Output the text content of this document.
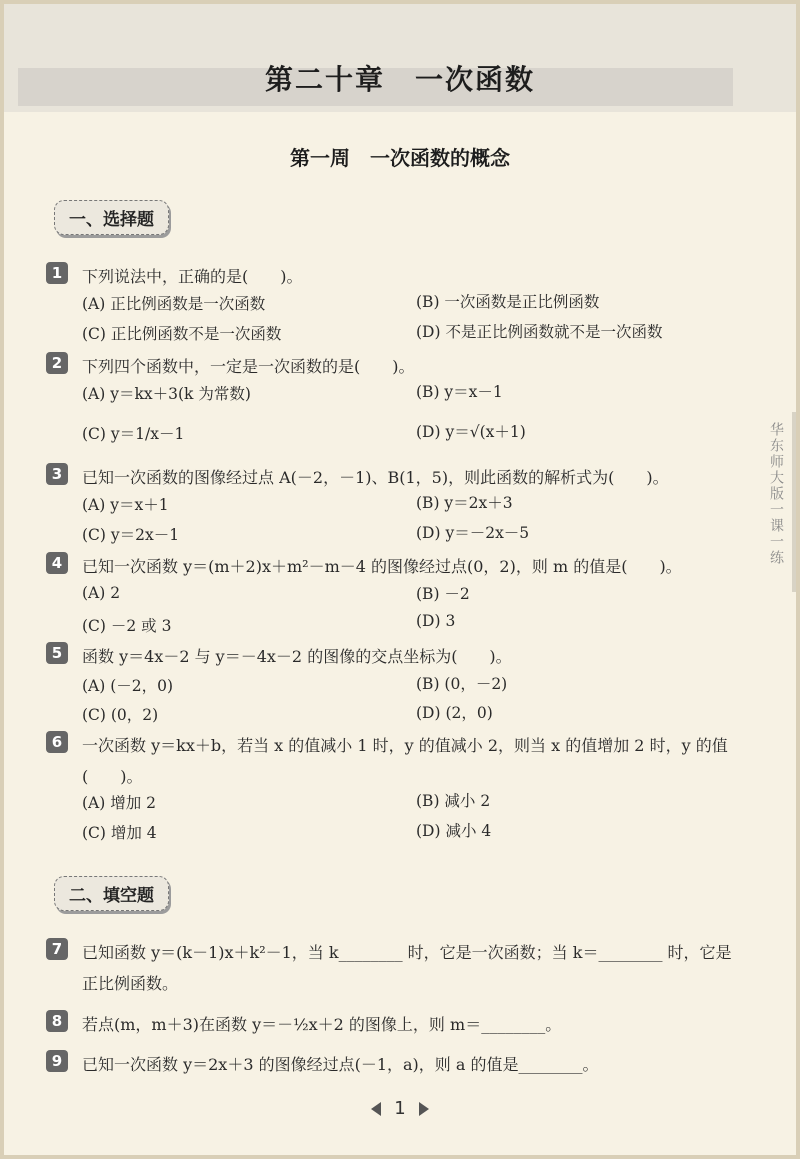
第二十章　一次函数
第一周　一次函数的概念
一、选择题
1	下列说法中，正确的是(　　)。
(A) 正比例函数是一次函数	(B) 一次函数是正比例函数
(C) 正比例函数不是一次函数	(D) 不是正比例函数就不是一次函数
2	下列四个函数中，一定是一次函数的是(　　)。
(A) y＝kx＋3(k 为常数)	(B) y＝x－1
(C) y＝1/x－1	(D) y＝√(x＋1)
3	已知一次函数的图像经过点 A(－2，－1)、B(1，5)，则此函数的解析式为(　　)。
(A) y＝x＋1	(B) y＝2x＋3
(C) y＝2x－1	(D) y＝－2x－5
4	已知一次函数 y＝(m＋2)x＋m²－m－4 的图像经过点(0，2)，则 m 的值是(　　)。
(A) 2	(B) －2
(C) －2 或 3	(D) 3
5	函数 y＝4x－2 与 y＝－4x－2 的图像的交点坐标为(　　)。
(A) (－2，0)	(B) (0，－2)
(C) (0，2)	(D) (2，0)
6	一次函数 y＝kx＋b，若当 x 的值减小 1 时，y 的值减小 2，则当 x 的值增加 2 时，y 的值(　　)。
(A) 增加 2	(B) 减小 2
(C) 增加 4	(D) 减小 4
二、填空题
7	已知函数 y＝(k－1)x＋k²－1，当 k________ 时，它是一次函数；当 k＝________ 时，它是正比例函数。
8	若点(m，m＋3)在函数 y＝－½x＋2 的图像上，则 m＝________。
9	已知一次函数 y＝2x＋3 的图像经过点(－1，a)，则 a 的值是________。
华东师大版一课一练
1
